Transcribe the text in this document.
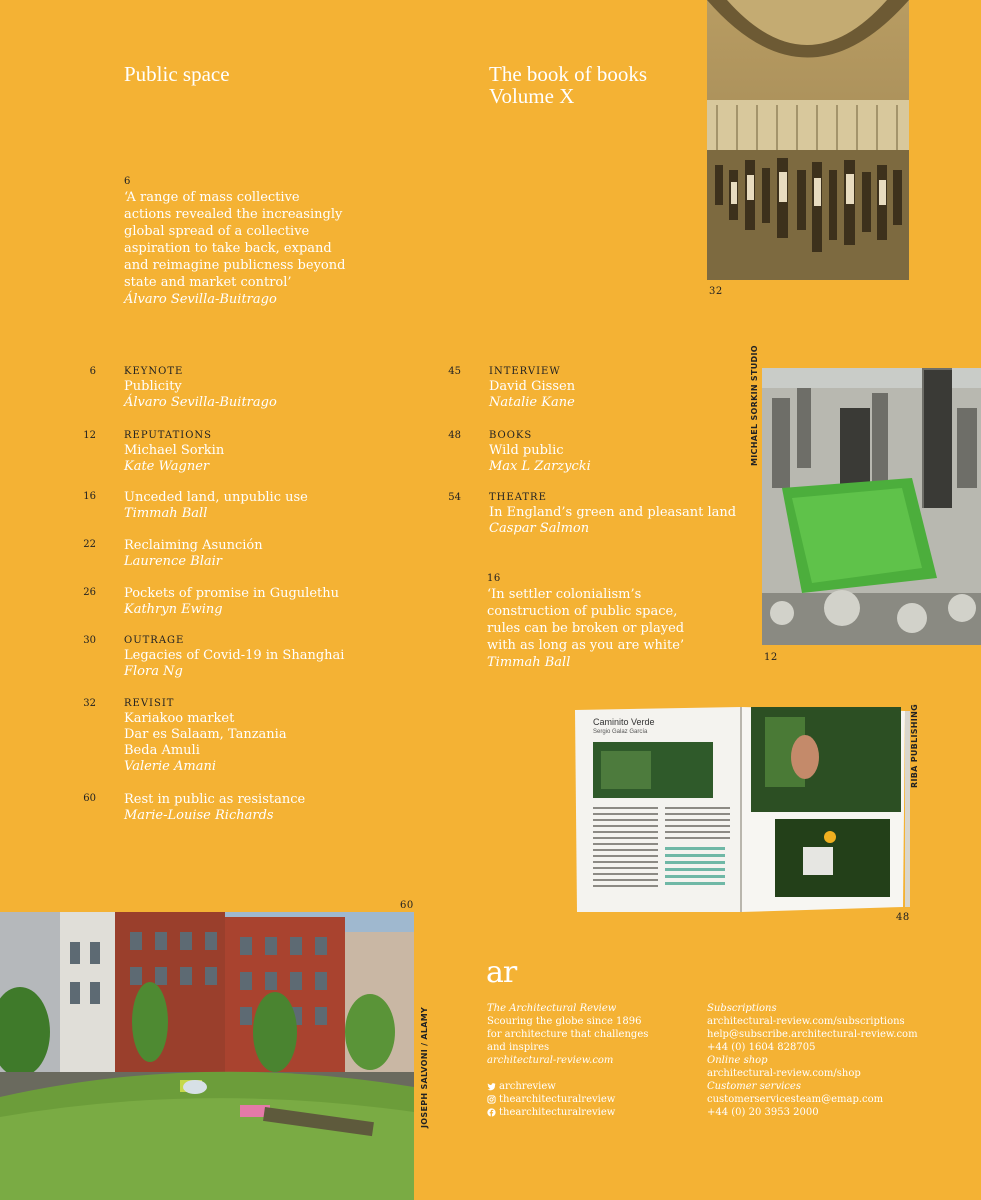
Public space	The book of books
Volume X
6
‘A range of mass collective
actions revealed the increasingly
global spread of a collective
aspiration to take back, expand
and reimagine publicness beyond
state and market control’
Álvaro Sevilla-Buitrago
32
6	KEYNOTE
Publicity
Álvaro Sevilla-Buitrago
12	REPUTATIONS
Michael Sorkin
Kate Wagner
16 Unceded land, unpublic use
Timmah Ball
22 Reclaiming Asunción
Laurence Blair
26 Pockets of promise in Gugulethu
Kathryn Ewing
30	OUTRAGE
Legacies of Covid-19 in Shanghai
Flora Ng
32	REVISIT
Kariakoo market
Dar es Salaam, Tanzania
Beda Amuli
Valerie Amani
60 Rest in public as resistance
Marie-Louise Richards
45	INTERVIEW
David Gissen
Natalie Kane
48	BOOKS
Wild public
Max L Zarzycki
54	THEATRE
In England’s green and pleasant land
Caspar Salmon
16
‘In settler colonialism’s
construction of public space,
rules can be broken or played
with as long as you are white’
Timmah Ball
MICHAEL SORKIN STUDIO
12
Caminito Verde
Sergio Galaz García	RIBA PUBLISHING
48
60
JOSEPH SALVONI / ALAMY
ar
The Architectural Review
Scouring the globe since 1896
for architecture that challenges
and inspires
architectural-review.com
archreview
thearchitecturalreview
thearchitecturalreview
Subscriptions
architectural-review.com/subscriptions
help@subscribe.architectural-review.com
+44 (0) 1604 828705
Online shop
architectural-review.com/shop
Customer services
customerservicesteam@emap.com
+44 (0) 20 3953 2000
